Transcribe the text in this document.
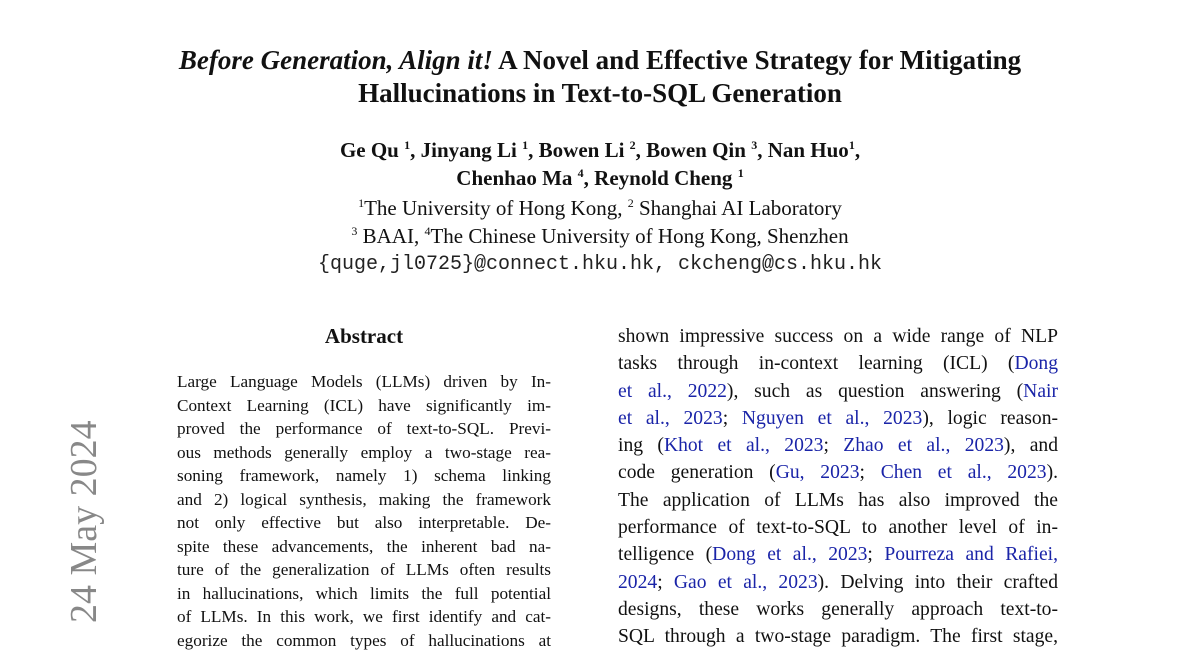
24 May 2024
Before Generation, Align it! A Novel and Effective Strategy for Mitigating
Hallucinations in Text-to-SQL Generation
Ge Qu $^1$, Jinyang Li $^1$, Bowen Li $^2$, Bowen Qin $^3$, Nan Huo$^1$,
Chenhao Ma $^4$, Reynold Cheng $^1$
$^1$The University of Hong Kong, $^2$ Shanghai AI Laboratory
$^3$ BAAI, $^4$The Chinese University of Hong Kong, Shenzhen
{quge,jl0725}@connect.hku.hk, ckcheng@cs.hku.hk
Abstract
Large Language Models (LLMs) driven by In-
Context Learning (ICL) have significantly im-
proved the performance of text-to-SQL. Previ-
ous methods generally employ a two-stage rea-
soning framework, namely 1) schema linking
and 2) logical synthesis, making the framework
not only effective but also interpretable. De-
spite these advancements, the inherent bad na-
ture of the generalization of LLMs often results
in hallucinations, which limits the full potential
of LLMs. In this work, we first identify and cat-
egorize the common types of hallucinations at
shown impressive success on a wide range of NLP
tasks through in-context learning (ICL) (Dong
et al., 2022), such as question answering (Nair
et al., 2023; Nguyen et al., 2023), logic reason-
ing (Khot et al., 2023; Zhao et al., 2023), and
code generation (Gu, 2023; Chen et al., 2023).
The application of LLMs has also improved the
performance of text-to-SQL to another level of in-
telligence (Dong et al., 2023; Pourreza and Rafiei,
2024; Gao et al., 2023). Delving into their crafted
designs, these works generally approach text-to-
SQL through a two-stage paradigm. The first stage,
